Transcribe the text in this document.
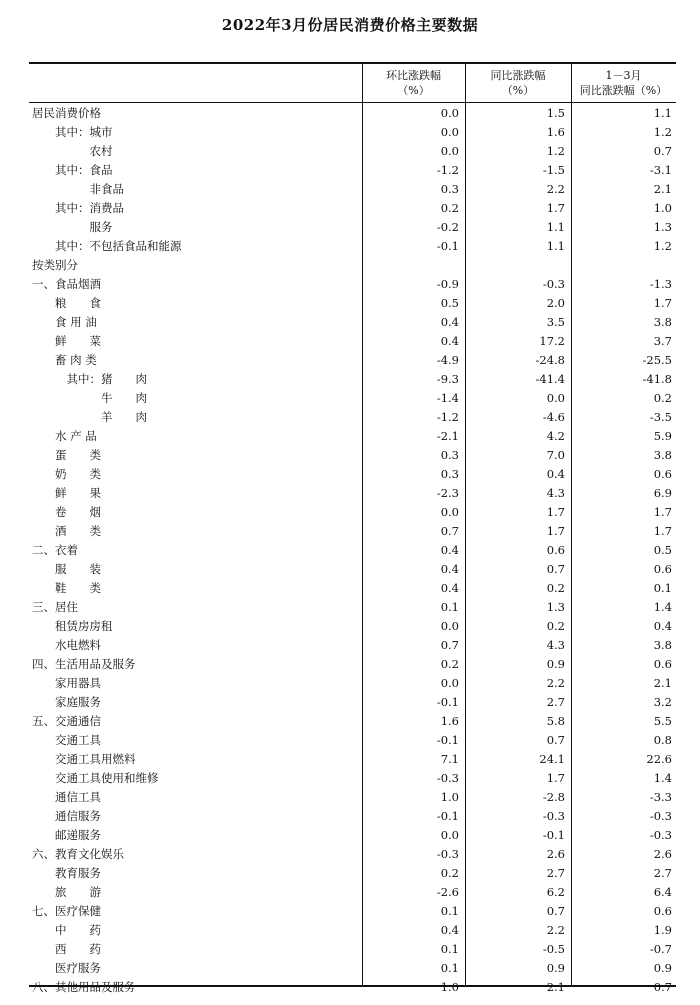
2022年3月份居民消费价格主要数据
环比涨跌幅
（%）
同比涨跌幅
（%）
1－3月
同比涨跌幅（%）
居民消费价格	0.0	1.5	1.1
　　其中：城市	0.0	1.6	1.2
　　　　　农村	0.0	1.2	0.7
　　其中：食品	-1.2	-1.5	-3.1
　　　　　非食品	0.3	2.2	2.1
　　其中：消费品	0.2	1.7	1.0
　　　　　服务	-0.2	1.1	1.3
　　其中：不包括食品和能源	-0.1	1.1	1.2
按类别分
一、食品烟酒	-0.9	-0.3	-1.3
　　粮　　食	0.5	2.0	1.7
　　食 用 油	0.4	3.5	3.8
　　鲜　　菜	0.4	17.2	3.7
　　畜 肉 类	-4.9	-24.8	-25.5
　　　其中：猪　　肉	-9.3	-41.4	-41.8
　　　　　　牛　　肉	-1.4	0.0	0.2
　　　　　　羊　　肉	-1.2	-4.6	-3.5
　　水 产 品	-2.1	4.2	5.9
　　蛋　　类	0.3	7.0	3.8
　　奶　　类	0.3	0.4	0.6
　　鲜　　果	-2.3	4.3	6.9
　　卷　　烟	0.0	1.7	1.7
　　酒　　类	0.7	1.7	1.7
二、衣着	0.4	0.6	0.5
　　服　　装	0.4	0.7	0.6
　　鞋　　类	0.4	0.2	0.1
三、居住	0.1	1.3	1.4
　　租赁房房租	0.0	0.2	0.4
　　水电燃料	0.7	4.3	3.8
四、生活用品及服务	0.2	0.9	0.6
　　家用器具	0.0	2.2	2.1
　　家庭服务	-0.1	2.7	3.2
五、交通通信	1.6	5.8	5.5
　　交通工具	-0.1	0.7	0.8
　　交通工具用燃料	7.1	24.1	22.6
　　交通工具使用和维修	-0.3	1.7	1.4
　　通信工具	1.0	-2.8	-3.3
　　通信服务	-0.1	-0.3	-0.3
　　邮递服务	0.0	-0.1	-0.3
六、教育文化娱乐	-0.3	2.6	2.6
　　教育服务	0.2	2.7	2.7
　　旅　　游	-2.6	6.2	6.4
七、医疗保健	0.1	0.7	0.6
　　中　　药	0.4	2.2	1.9
　　西　　药	0.1	-0.5	-0.7
　　医疗服务	0.1	0.9	0.9
八、其他用品及服务	1.0	2.1	0.7
